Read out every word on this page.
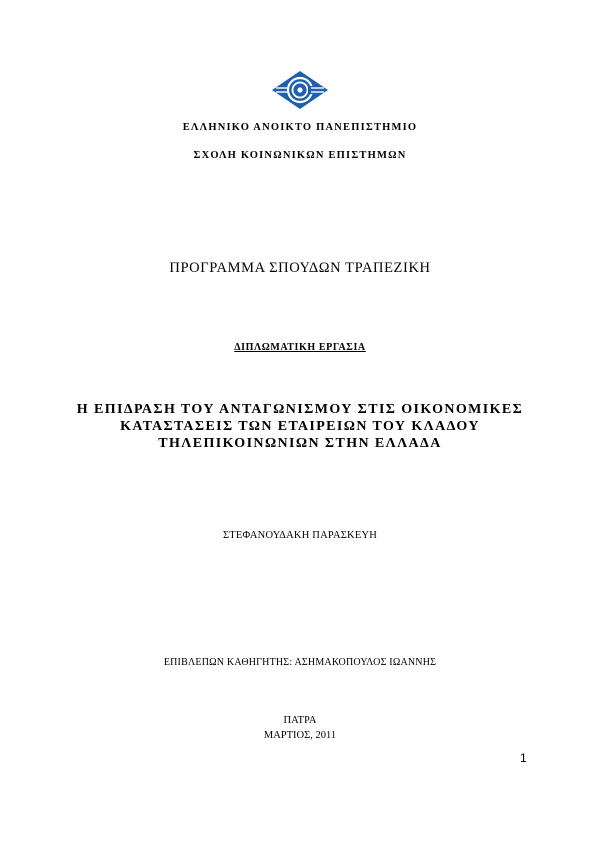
ΕΛΛΗΝΙΚΟ ΑΝΟΙΚΤΟ ΠΑΝΕΠΙΣΤΗΜΙΟ
ΣΧΟΛΗ ΚΟΙΝΩΝΙΚΩΝ ΕΠΙΣΤΗΜΩΝ
ΠΡΟΓΡΑΜΜΑ ΣΠΟΥΔΩΝ ΤΡΑΠΕΖΙΚΗ
ΔΙΠΛΩΜΑΤΙΚΗ ΕΡΓΑΣΙΑ
Η ΕΠΙΔΡΑΣΗ ΤΟΥ ΑΝΤΑΓΩΝΙΣΜΟΥ ΣΤΙΣ ΟΙΚΟΝΟΜΙΚΕΣ
ΚΑΤΑΣΤΑΣΕΙΣ ΤΩΝ ΕΤΑΙΡΕΙΩΝ ΤΟΥ ΚΛΑΔΟΥ
ΤΗΛΕΠΙΚΟΙΝΩΝΙΩΝ ΣΤΗΝ ΕΛΛΑΔΑ
ΣΤΕΦΑΝΟΥΔΑΚΗ ΠΑΡΑΣΚΕΥΗ
ΕΠΙΒΛΕΠΩΝ ΚΑΘΗΓΗΤΗΣ: ΑΣΗΜΑΚΟΠΟΥΛΟΣ ΙΩΑΝΝΗΣ
ΠΑΤΡΑ
ΜΑΡΤΙΟΣ, 2011
1
